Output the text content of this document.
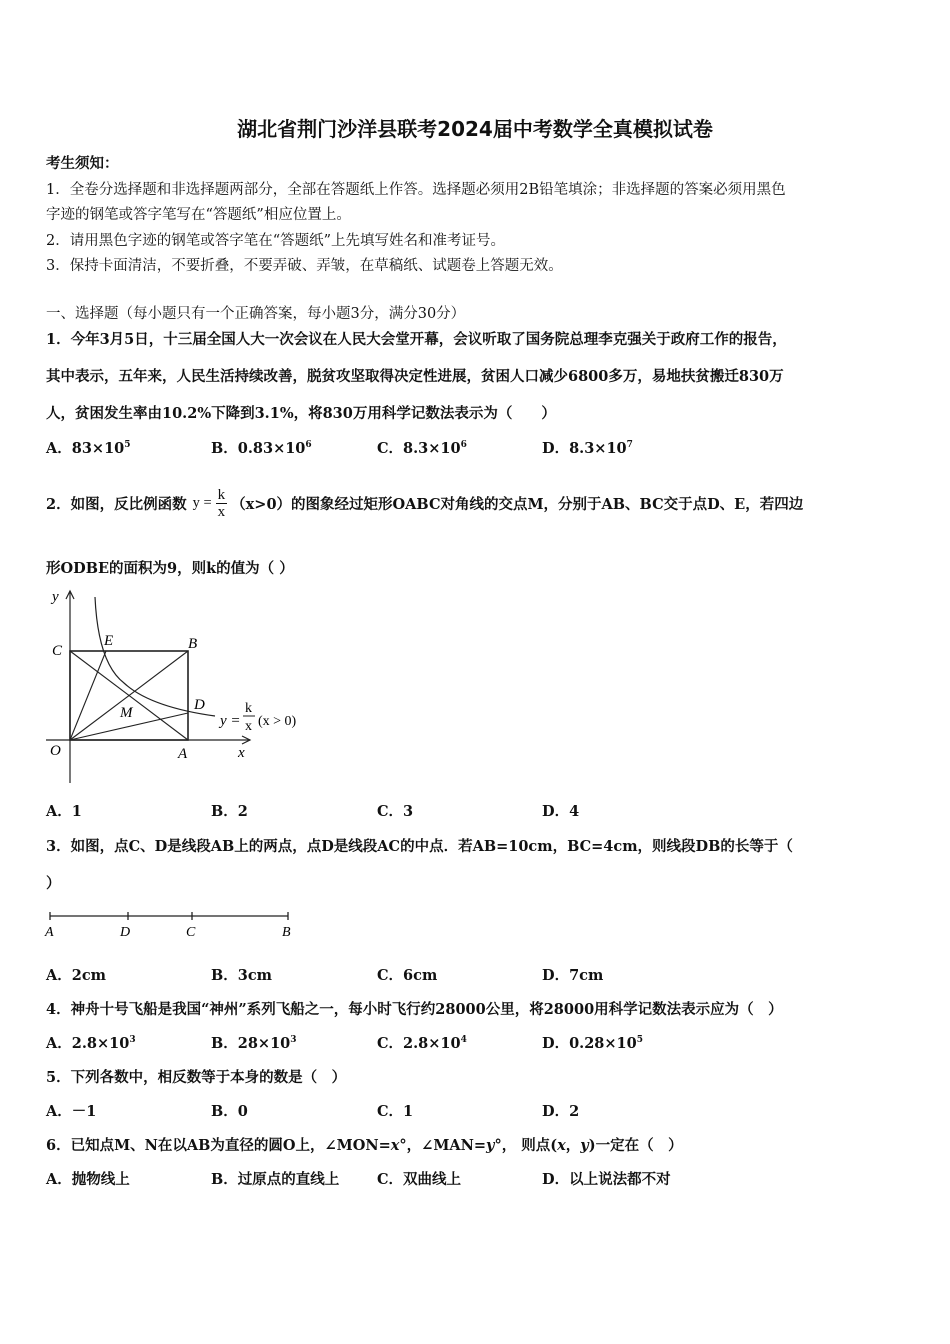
湖北省荆门沙洋县联考2024届中考数学全真模拟试卷
考生须知：
1．全卷分选择题和非选择题两部分，全部在答题纸上作答。选择题必须用2B铅笔填涂；非选择题的答案必须用黑色
字迹的钢笔或答字笔写在“答题纸”相应位置上。
2．请用黑色字迹的钢笔或答字笔在“答题纸”上先填写姓名和准考证号。
3．保持卡面清洁，不要折叠，不要弄破、弄皱，在草稿纸、试题卷上答题无效。
一、选择题（每小题只有一个正确答案，每小题3分，满分30分）
1．今年3月5日，十三届全国人大一次会议在人民大会堂开幕，会议听取了国务院总理李克强关于政府工作的报告，
其中表示，五年来，人民生活持续改善，脱贫攻坚取得决定性进展，贫困人口减少6800多万，易地扶贫搬迁830万
人，贫困发生率由10.2%下降到3.1%，将830万用科学记数法表示为（　　）
A．$83\times 10^5$	B．$0.83\times 10^6$	C．$8.3\times 10^6$	D．$8.3\times 10^7$
2．如图，反比例函数 $y = \frac{k}{x} (x>0)$的图象经过矩形OABC对角线的交点M，分别于AB、BC交于点D、E，若四边
形ODBE的面积为9，则k的值为（ ）
y
x
O	A
B
C
D
E
M	y =
k
x (x > 0)
A．1	B．2	C．3	D．4
3．如图，点C、D是线段AB上的两点，点D是线段AC的中点．若AB=10cm，BC=4cm，则线段DB的长等于（
）
A	D	C	B
A．2cm	B．3cm	C．6cm	D．7cm
4．神舟十号飞船是我国“神州”系列飞船之一，每小时飞行约28000公里，将28000用科学记数法表示应为（　）
A．$2.8\times 10^3$	B．$28\times 10^3$	C．$2.8\times 10^4$	D．$0.28\times 10^5$
5．下列各数中，相反数等于本身的数是（　）
A．－1	B．0	C．1	D．2
6．已知点M、N在以AB为直径的圆O上，∠MON=x°，∠MAN=y°， 则点(x，y)一定在（　）
A．抛物线上	B．过原点的直线上	C．双曲线上	D．以上说法都不对
